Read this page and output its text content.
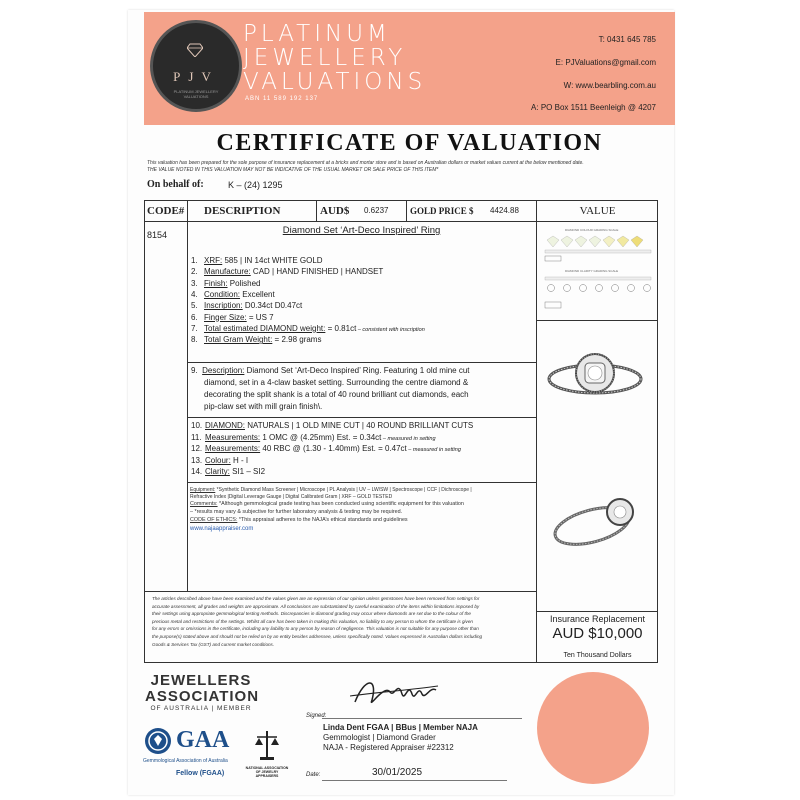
PJV
PLATINUM JEWELLERY VALUATIONS
PLATINUM
JEWELLERY
VALUATIONS
ABN 11 589 192 137
T: 0431 645 785
E: PJValuations@gmail.com
W: www.bearbling.com.au
A: PO Box 1511 Beenleigh @ 4207
CERTIFICATE OF VALUATION
This valuation has been prepared for the sole purpose of insurance replacement at a bricks and mortar store and is based on Australian dollars or market values current at the below mentioned date.
THE VALUE NOTED IN THIS VALUATION MAY NOT BE INDICATIVE OF THE USUAL MARKET OR SALE PRICE OF THIS ITEM*
On behalf of:	K – (24) 1295
CODE# DESCRIPTION	AUD$ 0.6237 GOLD PRICE $ 4424.88	VALUE
8154	Diamond Set ‘Art-Deco Inspired’ Ring
1. XRF: 585 | IN 14ct WHITE GOLD
2. Manufacture: CAD | HAND FINISHED | HANDSET
3. Finish: Polished
4. Condition: Excellent
5. Inscription: D0.34ct D0.47ct
6. Finger Size: = US 7
7. Total estimated DIAMOND weight: = 0.81ct – consistent with inscription
8. Total Gram Weight: = 2.98 grams
9. Description: Diamond Set ‘Art-Deco Inspired’ Ring. Featuring 1 old mine cut
diamond, set in a 4-claw basket setting. Surrounding the centre diamond &
decorating the split shank is a total of 40 round brilliant cut diamonds, each
pip-claw set with mill grain finish\.
10. DIAMOND: NATURALS | 1 OLD MINE CUT | 40 ROUND BRILLIANT CUTS
11. Measurements: 1 OMC @ (4.25mm) Est. = 0.34ct – measured in setting
12. Measurements: 40 RBC @ (1.30 - 1.40mm) Est. = 0.47ct – measured in setting
13. Colour: H - I
14. Clarity: SI1 – SI2
Equipment: *Synthetic Diamond Mass Screener | Microscope | PL Analysis | UV – LW/SW | Spectroscope | CCF | Dichroscope |
Refractive Index |Digital Leverage Gauge | Digital Calibrated Gram | XRF – GOLD TESTED
Comments: *Although gemmological grade testing has been conducted using scientific equipment for this valuation
– *results may vary & subjective for further laboratory analysis & testing may be required.
CODE OF ETHICS: *This appraisal adheres to the NAJA’s ethical standards and guidelines
www.najaappraiser.com
DIAMOND COLOUR GRADING SCALE
DIAMOND CLARITY GRADING SCALE
The articles described above have been examined and the values given are an expression of our opinion unless gemstones have been removed from settings for
accurate assessment, all grades and weights are approximate. All conclusions are substantiated by careful examination of the items within limitations imposed by
their settings using appropriate gemmological testing methods. Discrepancies in diamond grading may occur where diamonds are set due to the colour of the
precious metal and restrictions of the settings. Whilst all care has been taken in making this valuation, no liability to any person to whom the certificate is given
for any errors or omissions in the certificate, including any liability to any person by reason of negligence. This valuation is not suitable for any purpose other than
the purpose(s) stated above and should not be relied on by an entity besides addressee, unless specifically noted. Values expressed in Australian dollars including
Goods & Services Tax (GST) and current market conditions.
Insurance Replacement
AUD $10,000
Ten Thousand Dollars
JEWELLERS
ASSOCIATION
OF AUSTRALIA | MEMBER
GAA
Gemmological Association of Australia
Fellow (FGAA)
NATIONAL ASSOCIATION OF JEWELRY APPRAISERS
Signed:
Linda Dent FGAA | BBus | Member NAJA
Gemmologist | Diamond Grader
NAJA - Registered Appraiser #22312
Date:	30/01/2025
